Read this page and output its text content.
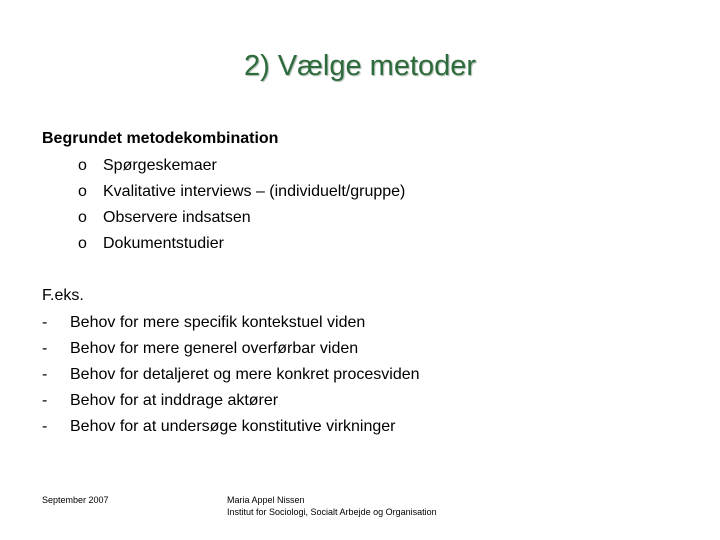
2) Vælge metoder
Begrundet metodekombination
o Spørgeskemaer
o Kvalitative interviews – (individuelt/gruppe)
o Observere indsatsen
o Dokumentstudier
F.eks.
- Behov for mere specifik kontekstuel viden
- Behov for mere generel overførbar viden
- Behov for detaljeret og mere konkret procesviden
- Behov for at inddrage aktører
- Behov for at undersøge konstitutive virkninger
September 2007	Maria Appel Nissen
Institut for Sociologi, Socialt Arbejde og Organisation
